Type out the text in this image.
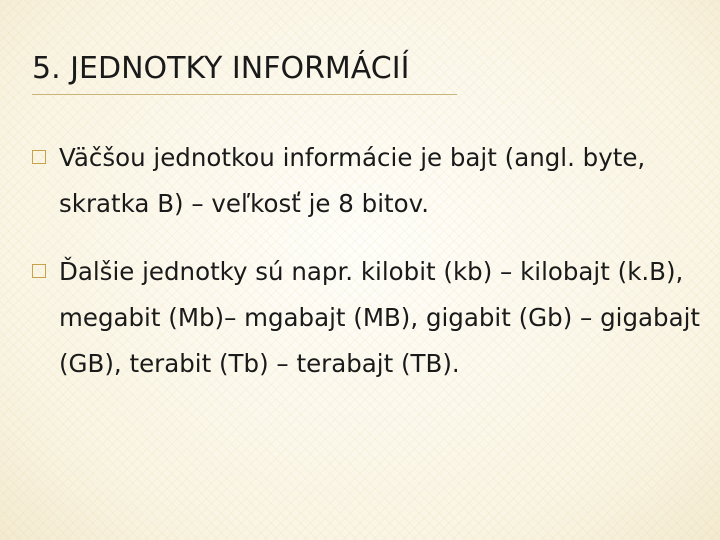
5. JEDNOTKY INFORMÁCIÍ

Väčšou jednotkou informácie je bajt (angl. byte, skratka B) – veľkosť je 8 bitov.

Ďalšie jednotky sú napr. kilobit (kb) – kilobajt (k.B), megabit (Mb)– mgabajt (MB), gigabit (Gb) – gigabajt (GB), terabit (Tb) – terabajt (TB).
